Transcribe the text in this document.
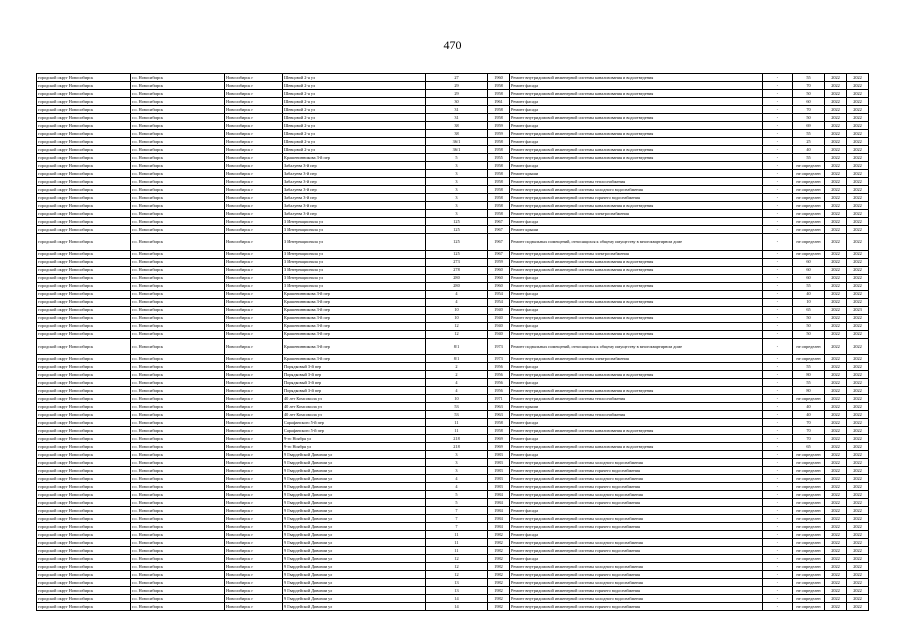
470
городской округ Новосибирск	г.о. Новосибирск	Новосибирск г	Шевцовой 2-я ул	27	1960	Ремонт внутридомовой инженерной системы канализования и водоотведения	-	55	2022	2022
городской округ Новосибирск	г.о. Новосибирск	Новосибирск г	Шевцовой 2-я ул	29	1958	Ремонт фасада	-	70	2022	2022
городской округ Новосибирск	г.о. Новосибирск	Новосибирск г	Шевцовой 2-я ул	29	1958	Ремонт внутридомовой инженерной системы канализования и водоотведения	-	50	2022	2022
городской округ Новосибирск	г.о. Новосибирск	Новосибирск г	Шевцовой 2-я ул	30	1961	Ремонт фасада	-	60	2022	2022
городской округ Новосибирск	г.о. Новосибирск	Новосибирск г	Шевцовой 2-я ул	31	1958	Ремонт фасада	-	70	2022	2022
городской округ Новосибирск	г.о. Новосибирск	Новосибирск г	Шевцовой 2-я ул	31	1958	Ремонт внутридомовой инженерной системы канализования и водоотведения	-	50	2022	2022
городской округ Новосибирск	г.о. Новосибирск	Новосибирск г	Шевцовой 2-я ул	38	1959	Ремонт фасада	-	69	2022	2022
городской округ Новосибирск	г.о. Новосибирск	Новосибирск г	Шевцовой 2-я ул	38	1959	Ремонт внутридомовой инженерной системы канализования и водоотведения	-	55	2022	2022
городской округ Новосибирск	г.о. Новосибирск	Новосибирск г	Шевцовой 2-я ул	36/1	1958	Ремонт фасада	-	25	2022	2022
городской округ Новосибирск	г.о. Новосибирск	Новосибирск г	Шевцовой 2-я ул	36/1	1958	Ремонт внутридомовой инженерной системы канализования и водоотведения	-	40	2022	2022
городской округ Новосибирск	г.о. Новосибирск	Новосибирск г	Крашенинникова 3-й пер	5	1955	Ремонт внутридомовой инженерной системы канализования и водоотведения	-	55	2022	2022
городской округ Новосибирск	г.о. Новосибирск	Новосибирск г	Забалуева 3-й пер	3	1958	Ремонт фасада	-	не определен	2022	2022
городской округ Новосибирск	г.о. Новосибирск	Новосибирск г	Забалуева 3-й пер	3	1958	Ремонт крыши	-	не определен	2022	2022
городской округ Новосибирск	г.о. Новосибирск	Новосибирск г	Забалуева 3-й пер	3	1958	Ремонт внутридомовой инженерной системы теплоснабжения	-	не определен	2022	2022
городской округ Новосибирск	г.о. Новосибирск	Новосибирск г	Забалуева 3-й пер	3	1958	Ремонт внутридомовой инженерной системы холодного водоснабжения	-	не определен	2022	2022
городской округ Новосибирск	г.о. Новосибирск	Новосибирск г	Забалуева 3-й пер	3	1958	Ремонт внутридомовой инженерной системы горячего водоснабжения	-	не определен	2022	2022
городской округ Новосибирск	г.о. Новосибирск	Новосибирск г	Забалуева 3-й пер	3	1958	Ремонт внутридомовой инженерной системы канализования и водоотведения	-	не определен	2022	2022
городской округ Новосибирск	г.о. Новосибирск	Новосибирск г	Забалуева 3-й пер	3	1958	Ремонт внутридомовой инженерной системы электроснабжения	-	не определен	2022	2022
городской округ Новосибирск	г.о. Новосибирск	Новосибирск г	3 Интернационала ул	125	1967	Ремонт фасада	-	не определен	2022	2022
городской округ Новосибирск	г.о. Новосибирск	Новосибирск г	3 Интернационала ул	125	1967	Ремонт крыши	-	не определен	2022	2022
городской округ Новосибирск	г.о. Новосибирск	Новосибирск г	3 Интернационала ул	125	1967	Ремонт подвальных помещений, относящихся к общему имуществу в многоквартирном доме	-	не определен	2022	2022
городской округ Новосибирск	г.о. Новосибирск	Новосибирск г	3 Интернационала ул	125	1967	Ремонт внутридомовой инженерной системы электроснабжения	-	не определен	2022	2022
городской округ Новосибирск	г.о. Новосибирск	Новосибирск г	3 Интернационала ул	273	1959	Ремонт внутридомовой инженерной системы канализования и водоотведения	-	60	2022	2022
городской округ Новосибирск	г.о. Новосибирск	Новосибирск г	3 Интернационала ул	278	1960	Ремонт внутридомовой инженерной системы канализования и водоотведения	-	60	2022	2022
городской округ Новосибирск	г.о. Новосибирск	Новосибирск г	3 Интернационала ул	280	1960	Ремонт фасада	-	60	2022	2022
городской округ Новосибирск	г.о. Новосибирск	Новосибирск г	3 Интернационала ул	280	1960	Ремонт внутридомовой инженерной системы канализования и водоотведения	-	55	2022	2022
городской округ Новосибирск	г.о. Новосибирск	Новосибирск г	Крашенинникова 3-й пер	4	1954	Ремонт фасада	-	40	2022	2022
городской округ Новосибирск	г.о. Новосибирск	Новосибирск г	Крашенинникова 3-й пер	4	1954	Ремонт внутридомовой инженерной системы канализования и водоотведения	-	10	2022	2022
городской округ Новосибирск	г.о. Новосибирск	Новосибирск г	Крашенинникова 3-й пер	10	1940	Ремонт фасада	-	65	2022	2023
городской округ Новосибирск	г.о. Новосибирск	Новосибирск г	Крашенинникова 3-й пер	10	1940	Ремонт внутридомовой инженерной системы канализования и водоотведения	-	50	2022	2022
городской округ Новосибирск	г.о. Новосибирск	Новосибирск г	Крашенинникова 3-й пер	12	1940	Ремонт фасада	-	50	2022	2022
городской округ Новосибирск	г.о. Новосибирск	Новосибирск г	Крашенинникова 3-й пер	12	1940	Ремонт внутридомовой инженерной системы канализования и водоотведения	-	50	2022	2022
городской округ Новосибирск	г.о. Новосибирск	Новосибирск г	Крашенинникова 3-й пер	8/1	1973	Ремонт подвальных помещений, относящихся к общему имуществу в многоквартирном доме	-	не определен	2022	2022
городской округ Новосибирск	г.о. Новосибирск	Новосибирск г	Крашенинникова 3-й пер	8/1	1973	Ремонт внутридомовой инженерной системы электроснабжения	-	не определен	2022	2022
городской округ Новосибирск	г.о. Новосибирск	Новосибирск г	Порядковый 3-й пер	2	1956	Ремонт фасада	-	55	2022	2022
городской округ Новосибирск	г.о. Новосибирск	Новосибирск г	Порядковый 3-й пер	2	1956	Ремонт внутридомовой инженерной системы канализования и водоотведения	-	80	2022	2022
городской округ Новосибирск	г.о. Новосибирск	Новосибирск г	Порядковый 3-й пер	4	1956	Ремонт фасада	-	55	2022	2022
городской округ Новосибирск	г.о. Новосибирск	Новосибирск г	Порядковый 3-й пер	4	1956	Ремонт внутридомовой инженерной системы канализования и водоотведения	-	80	2022	2022
городской округ Новосибирск	г.о. Новосибирск	Новосибирск г	40 лет Комсомола ул	10	1971	Ремонт внутридомовой инженерной системы теплоснабжения	-	не определен	2022	2022
городской округ Новосибирск	г.о. Новосибирск	Новосибирск г	40 лет Комсомола ул	53	1963	Ремонт крыши	-	40	2022	2022
городской округ Новосибирск	г.о. Новосибирск	Новосибирск г	40 лет Комсомола ул	53	1963	Ремонт внутридомовой инженерной системы теплоснабжения	-	40	2022	2022
городской округ Новосибирск	г.о. Новосибирск	Новосибирск г	Сарафанского 5-й пер	11	1958	Ремонт фасада	-	70	2022	2022
городской округ Новосибирск	г.о. Новосибирск	Новосибирск г	Сарафанского 5-й пер	11	1958	Ремонт внутридомовой инженерной системы канализования и водоотведения	-	70	2022	2022
городской округ Новосибирск	г.о. Новосибирск	Новосибирск г	9-го Ноября ул	218	1969	Ремонт фасада	-	70	2022	2022
городской округ Новосибирск	г.о. Новосибирск	Новосибирск г	9-го Ноября ул	218	1969	Ремонт внутридомовой инженерной системы канализования и водоотведения	-	65	2022	2022
городской округ Новосибирск	г.о. Новосибирск	Новосибирск г	9 Гвардейской Дивизии ул	3	1983	Ремонт фасада	-	не определен	2022	2022
городской округ Новосибирск	г.о. Новосибирск	Новосибирск г	9 Гвардейской Дивизии ул	3	1983	Ремонт внутридомовой инженерной системы холодного водоснабжения	-	не определен	2022	2022
городской округ Новосибирск	г.о. Новосибирск	Новосибирск г	9 Гвардейской Дивизии ул	3	1983	Ремонт внутридомовой инженерной системы горячего водоснабжения	-	не определен	2022	2022
городской округ Новосибирск	г.о. Новосибирск	Новосибирск г	9 Гвардейской Дивизии ул	4	1983	Ремонт внутридомовой инженерной системы холодного водоснабжения	-	не определен	2022	2022
городской округ Новосибирск	г.о. Новосибирск	Новосибирск г	9 Гвардейской Дивизии ул	4	1983	Ремонт внутридомовой инженерной системы горячего водоснабжения	-	не определен	2022	2022
городской округ Новосибирск	г.о. Новосибирск	Новосибирск г	9 Гвардейской Дивизии ул	5	1984	Ремонт внутридомовой инженерной системы холодного водоснабжения	-	не определен	2022	2022
городской округ Новосибирск	г.о. Новосибирск	Новосибирск г	9 Гвардейской Дивизии ул	5	1984	Ремонт внутридомовой инженерной системы горячего водоснабжения	-	не определен	2022	2022
городской округ Новосибирск	г.о. Новосибирск	Новосибирск г	9 Гвардейской Дивизии ул	7	1984	Ремонт фасада	-	не определен	2022	2022
городской округ Новосибирск	г.о. Новосибирск	Новосибирск г	9 Гвардейской Дивизии ул	7	1984	Ремонт внутридомовой инженерной системы холодного водоснабжения	-	не определен	2022	2022
городской округ Новосибирск	г.о. Новосибирск	Новосибирск г	9 Гвардейской Дивизии ул	7	1984	Ремонт внутридомовой инженерной системы горячего водоснабжения	-	не определен	2022	2022
городской округ Новосибирск	г.о. Новосибирск	Новосибирск г	9 Гвардейской Дивизии ул	11	1982	Ремонт фасада	-	не определен	2022	2022
городской округ Новосибирск	г.о. Новосибирск	Новосибирск г	9 Гвардейской Дивизии ул	11	1982	Ремонт внутридомовой инженерной системы холодного водоснабжения	-	не определен	2022	2022
городской округ Новосибирск	г.о. Новосибирск	Новосибирск г	9 Гвардейской Дивизии ул	11	1982	Ремонт внутридомовой инженерной системы горячего водоснабжения	-	не определен	2022	2022
городской округ Новосибирск	г.о. Новосибирск	Новосибирск г	9 Гвардейской Дивизии ул	12	1982	Ремонт фасада	-	не определен	2022	2022
городской округ Новосибирск	г.о. Новосибирск	Новосибирск г	9 Гвардейской Дивизии ул	12	1982	Ремонт внутридомовой инженерной системы холодного водоснабжения	-	не определен	2022	2022
городской округ Новосибирск	г.о. Новосибирск	Новосибирск г	9 Гвардейской Дивизии ул	12	1982	Ремонт внутридомовой инженерной системы горячего водоснабжения	-	не определен	2022	2022
городской округ Новосибирск	г.о. Новосибирск	Новосибирск г	9 Гвардейской Дивизии ул	13	1982	Ремонт внутридомовой инженерной системы холодного водоснабжения	-	не определен	2022	2022
городской округ Новосибирск	г.о. Новосибирск	Новосибирск г	9 Гвардейской Дивизии ул	13	1982	Ремонт внутридомовой инженерной системы горячего водоснабжения	-	не определен	2022	2022
городской округ Новосибирск	г.о. Новосибирск	Новосибирск г	9 Гвардейской Дивизии ул	14	1982	Ремонт внутридомовой инженерной системы холодного водоснабжения	-	не определен	2022	2022
городской округ Новосибирск	г.о. Новосибирск	Новосибирск г	9 Гвардейской Дивизии ул	14	1982	Ремонт внутридомовой инженерной системы горячего водоснабжения	-	не определен	2022	2022
